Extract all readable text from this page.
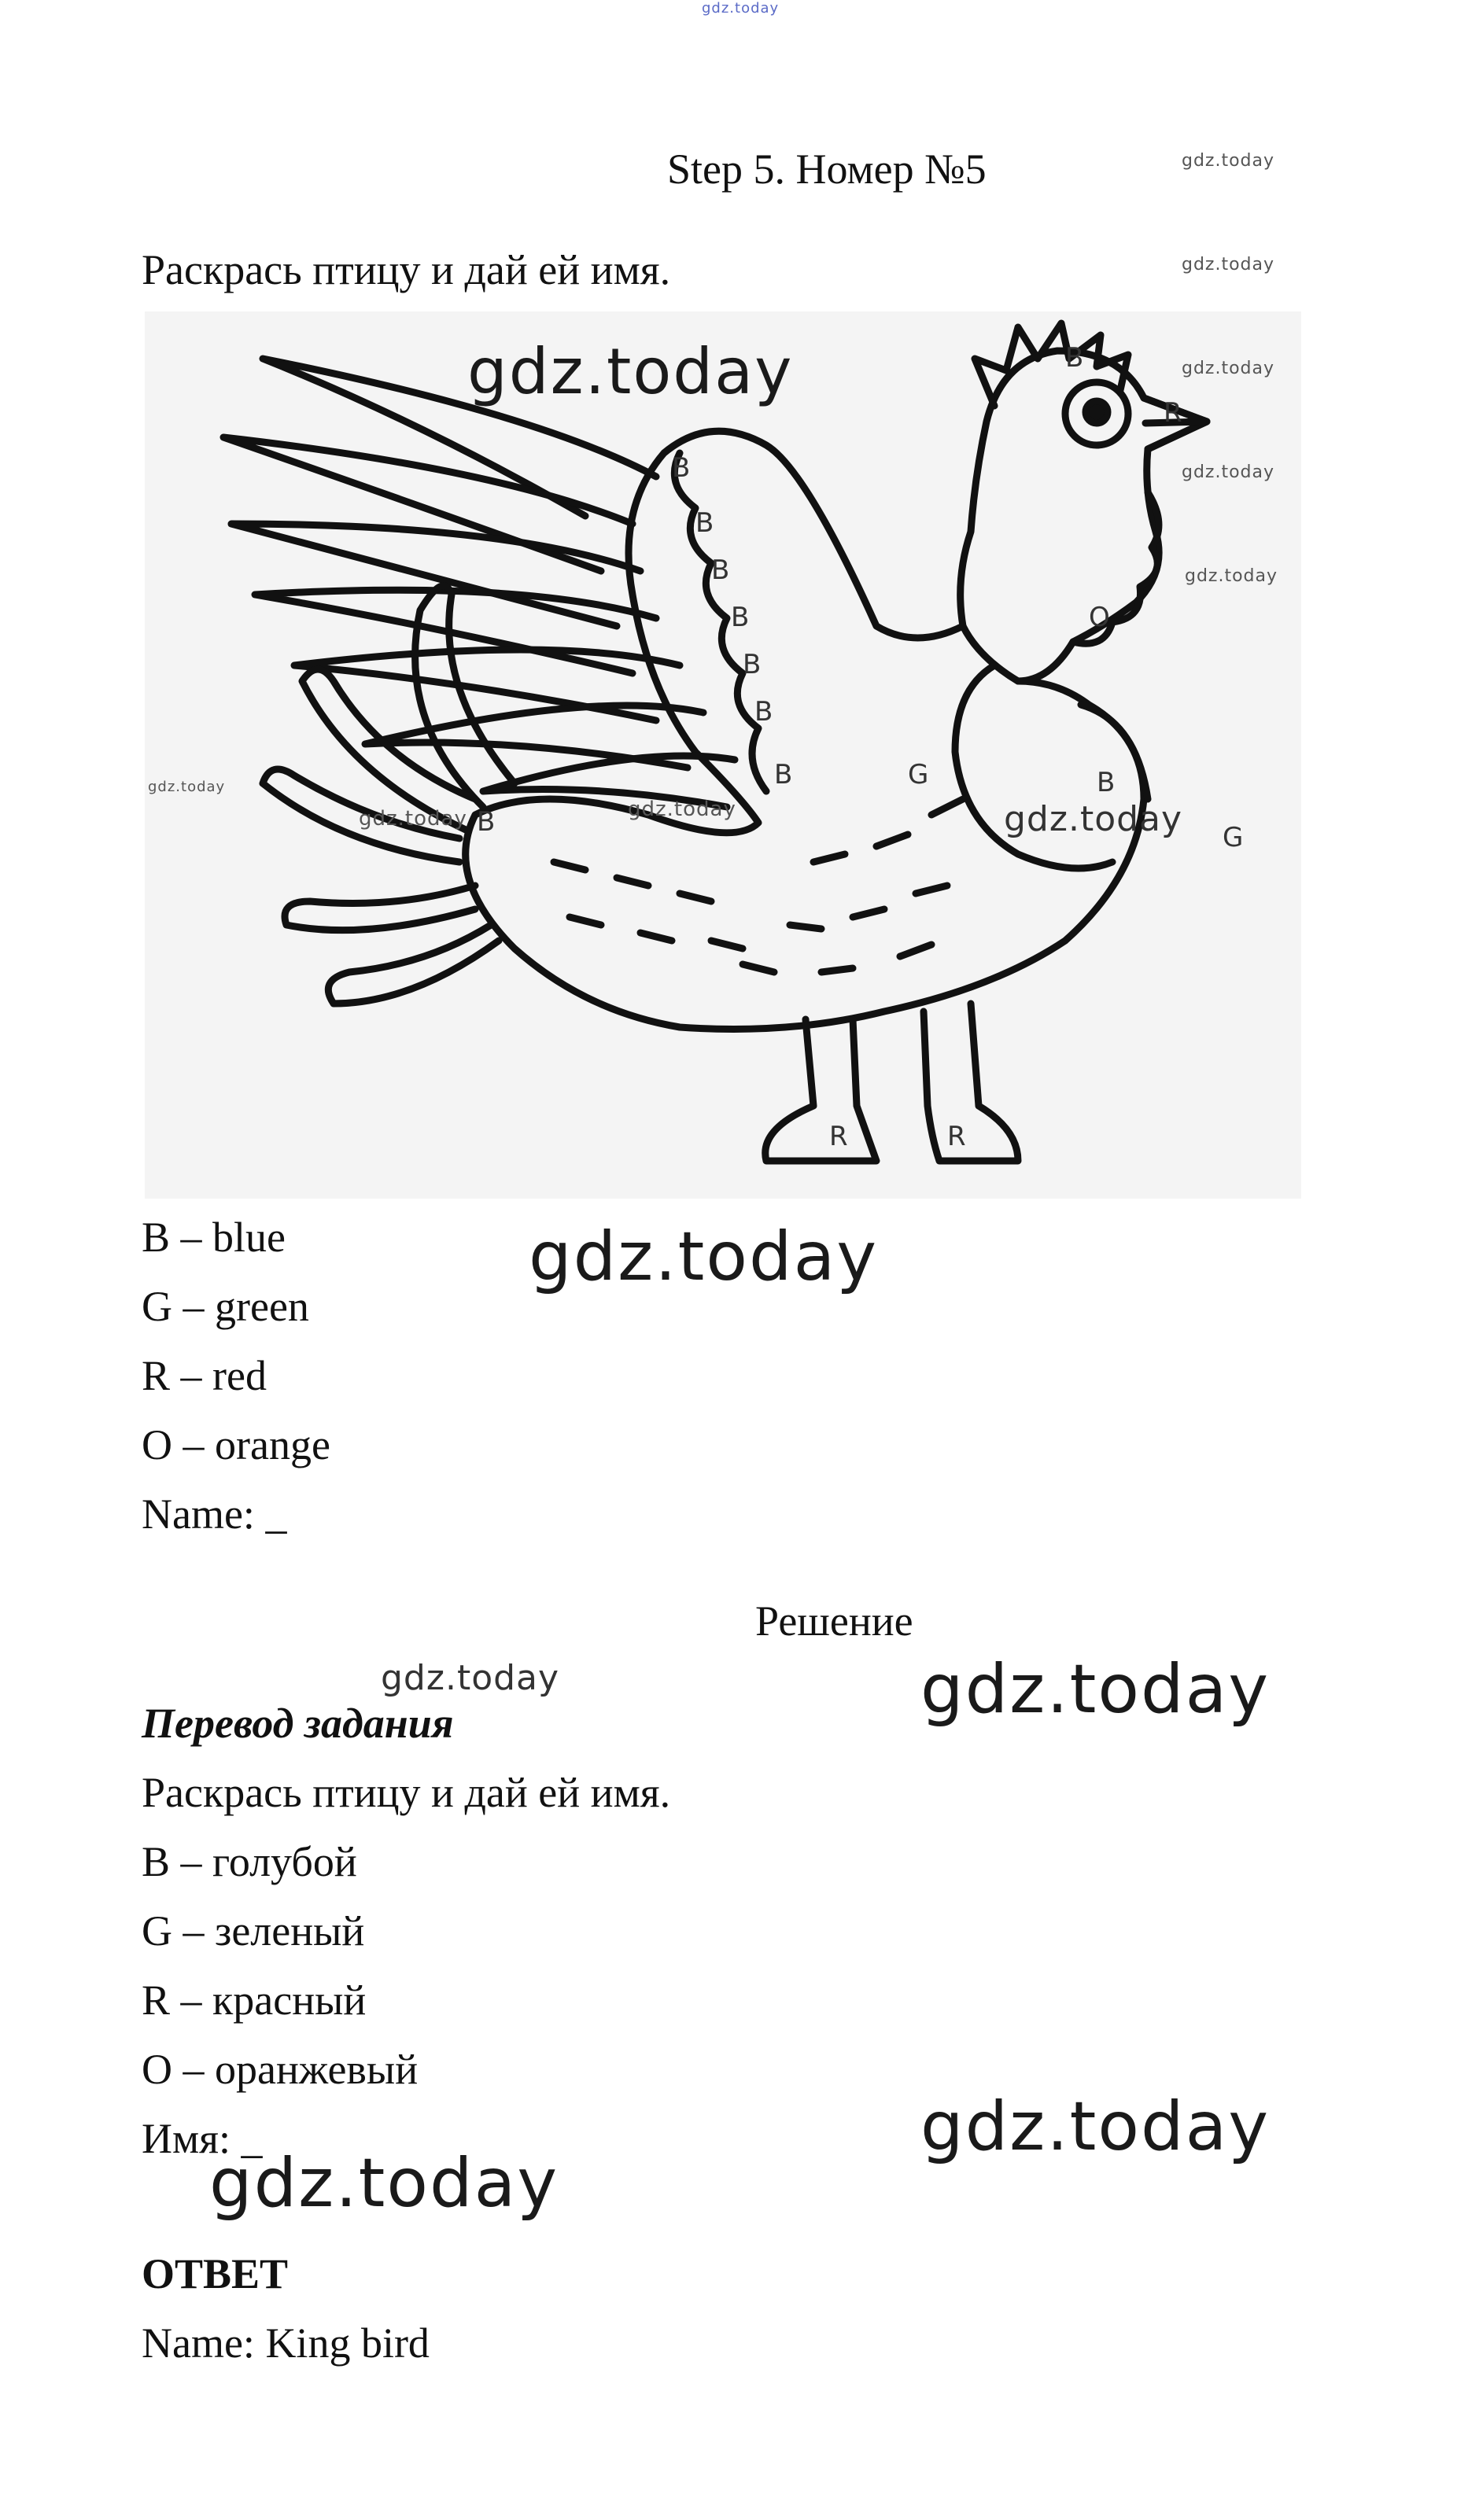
gdz.today
Step 5. Номер №5	gdz.today
Раскрась птицу и дай ей имя.	gdz.today
B
R
O
B
G
B
B
B
B
B
B
B
B
G
R	R
gdz.today	gdz.today
gdz.today
gdz.today
gdz.today	gdz.today	gdz.today
gdz.today
B – blue
G – green
R – red
O – orange
Name: _
gdz.today
Решение
gdz.today	gdz.today
Перевод задания
Раскрась птицу и дай ей имя.
B – голубой
G – зеленый
R – красный
O – оранжевый
Имя: _	gdz.today
gdz.today
ОТВЕТ
Name: King bird
